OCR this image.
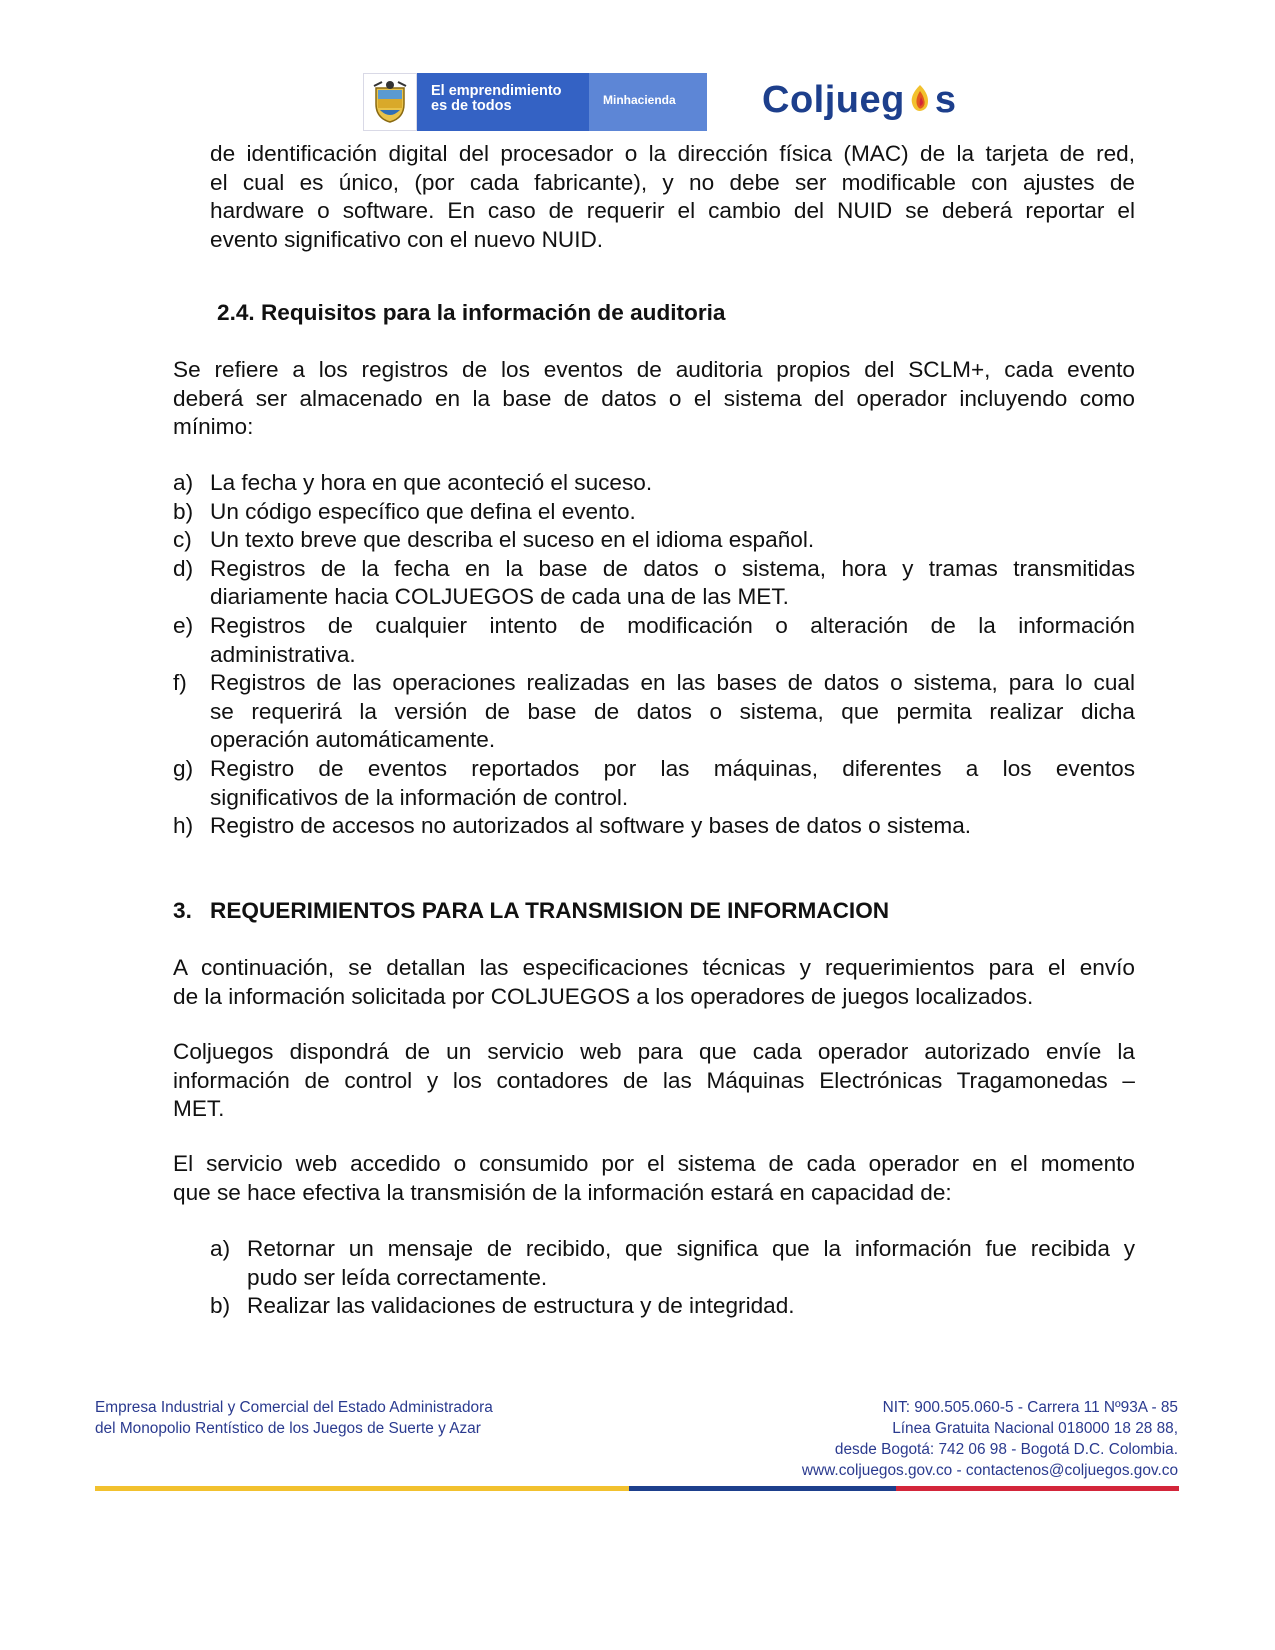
El emprendimiento
es de todos	Minhacienda	Coljueg s
de identificación digital del procesador o la dirección física (MAC) de la tarjeta de red,
el cual es único, (por cada fabricante), y no debe ser modificable con ajustes de
hardware o software. En caso de requerir el cambio del NUID se deberá reportar el
evento significativo con el nuevo NUID.
2.4. Requisitos para la información de auditoria
Se refiere a los registros de los eventos de auditoria propios del SCLM+, cada evento
deberá ser almacenado en la base de datos o el sistema del operador incluyendo como
mínimo:
a) La fecha y hora en que aconteció el suceso.
b) Un código específico que defina el evento.
c) Un texto breve que describa el suceso en el idioma español.
d) Registros de la fecha en la base de datos o sistema, hora y tramas transmitidas
diariamente hacia COLJUEGOS de cada una de las MET.
e) Registros de cualquier intento de modificación o alteración de la información
administrativa.
f) Registros de las operaciones realizadas en las bases de datos o sistema, para lo cual
se requerirá la versión de base de datos o sistema, que permita realizar dicha
operación automáticamente.
g) Registro de eventos reportados por las máquinas, diferentes a los eventos
significativos de la información de control.
h) Registro de accesos no autorizados al software y bases de datos o sistema.
3. REQUERIMIENTOS PARA LA TRANSMISION DE INFORMACION
A continuación, se detallan las especificaciones técnicas y requerimientos para el envío
de la información solicitada por COLJUEGOS a los operadores de juegos localizados.
Coljuegos dispondrá de un servicio web para que cada operador autorizado envíe la
información de control y los contadores de las Máquinas Electrónicas Tragamonedas –
MET.
El servicio web accedido o consumido por el sistema de cada operador en el momento
que se hace efectiva la transmisión de la información estará en capacidad de:
a) Retornar un mensaje de recibido, que significa que la información fue recibida y
pudo ser leída correctamente.
b) Realizar las validaciones de estructura y de integridad.
Empresa Industrial y Comercial del Estado Administradora
del Monopolio Rentístico de los Juegos de Suerte y Azar
NIT: 900.505.060-5 - Carrera 11 Nº93A - 85
Línea Gratuita Nacional 018000 18 28 88,
desde Bogotá: 742 06 98 - Bogotá D.C. Colombia.
www.coljuegos.gov.co - contactenos@coljuegos.gov.co
